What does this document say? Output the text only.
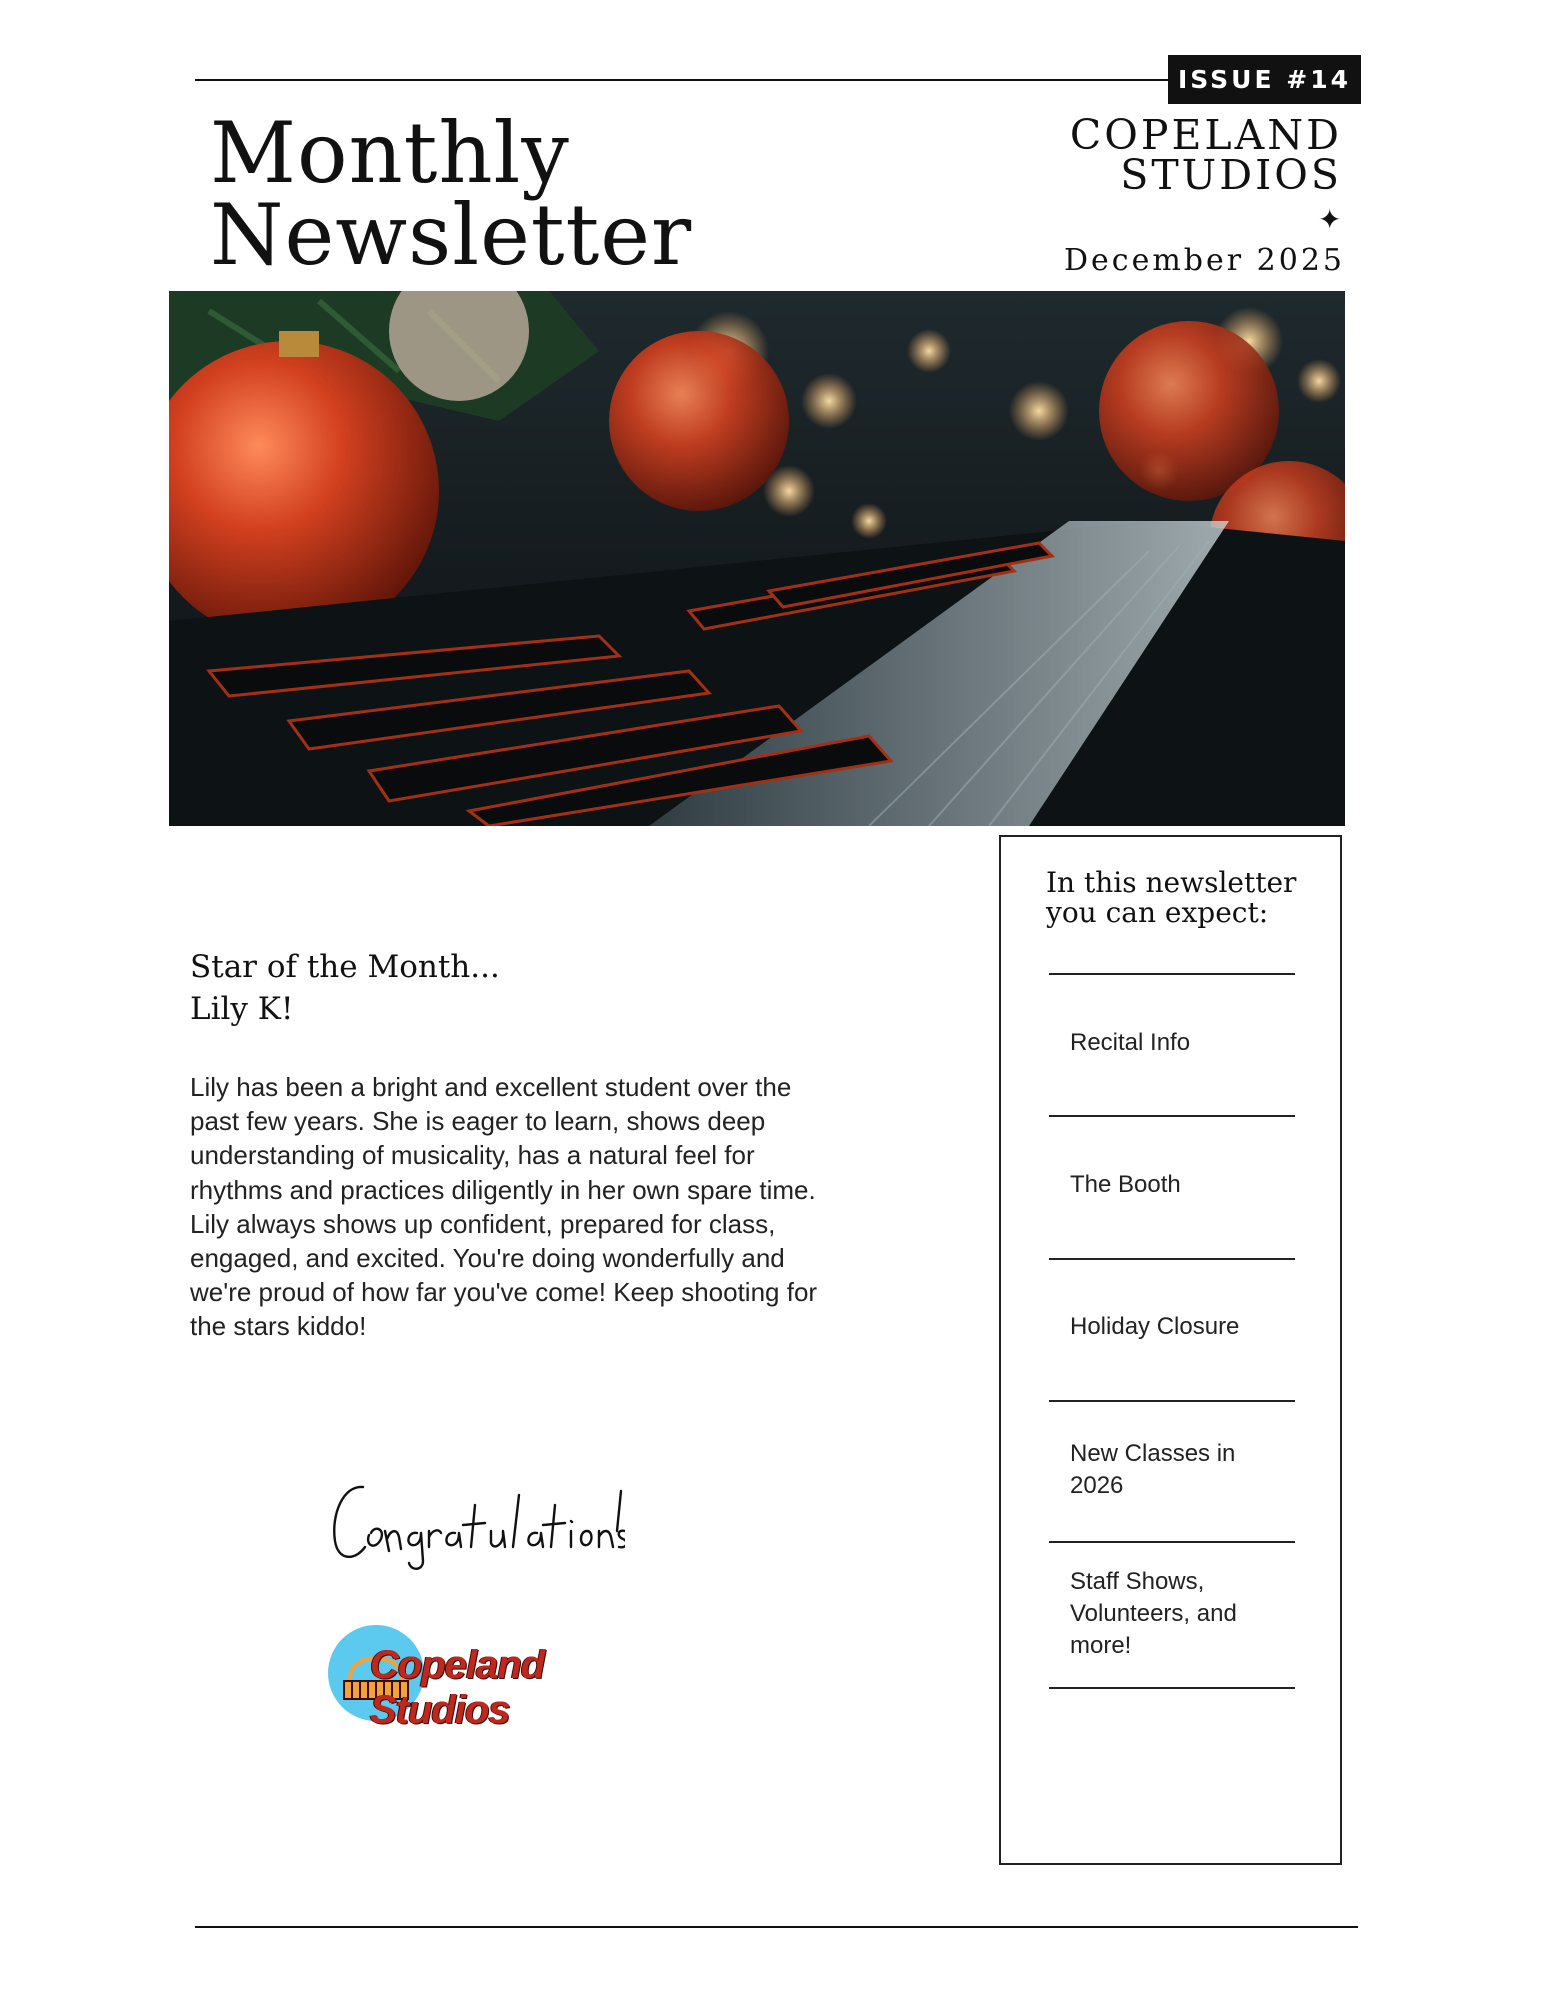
ISSUE #14
Monthly
Newsletter
COPELAND
STUDIOS
✦
December 2025
In this newsletter
you can expect:
Recital Info
The Booth
Holiday Closure
New Classes in 2026
Staff Shows, Volunteers, and more!
Star of the Month...
Lily K!
Lily has been a bright and excellent student over the past few years. She is eager to learn, shows deep understanding of musicality, has a natural feel for rhythms and practices diligently in her own spare time. Lily always shows up confident, prepared for class, engaged, and excited. You're doing wonderfully and we're proud of how far you've come! Keep shooting for the stars kiddo!
Copeland Studios
